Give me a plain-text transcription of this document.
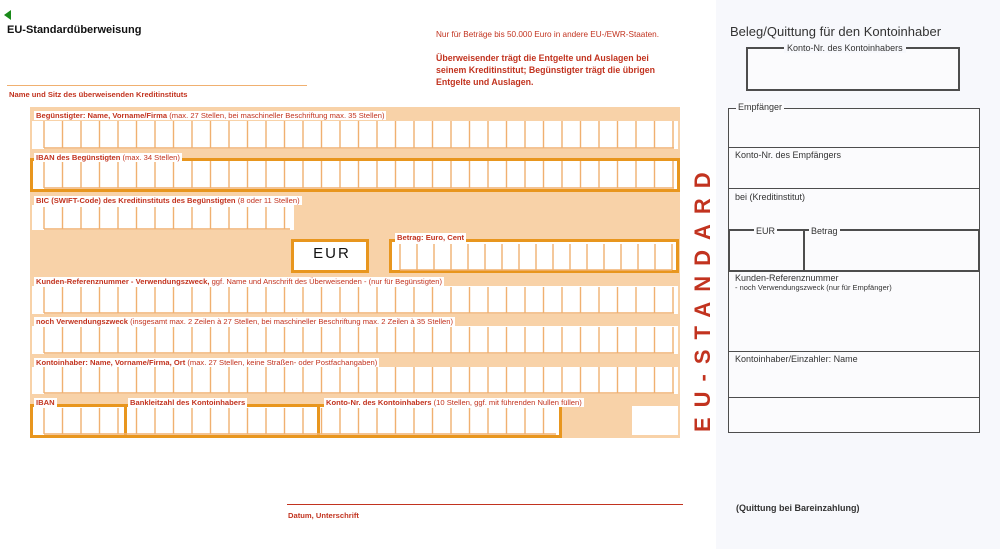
EU-Standardüberweisung	Nur für Beträge bis 50.000 Euro in andere EU-/EWR-Staaten.
Überweisender trägt die Entgelte und Auslagen bei
seinem Kreditinstitut; Begünstigter trägt die übrigen
Entgelte und Auslagen.
Name und Sitz des überweisenden Kreditinstituts
EUR
Begünstigter: Name, Vorname/Firma (max. 27 Stellen, bei maschineller Beschriftung max. 35 Stellen)
IBAN des Begünstigten (max. 34 Stellen)
BIC (SWIFT-Code) des Kreditinstituts des Begünstigten (8 oder 11 Stellen)
Betrag: Euro, Cent
Kunden-Referenznummer - Verwendungszweck, ggf. Name und Anschrift des Überweisenden - (nur für Begünstigten)
noch Verwendungszweck (insgesamt max. 2 Zeilen à 27 Stellen, bei maschineller Beschriftung max. 2 Zeilen à 35 Stellen)
Kontoinhaber: Name, Vorname/Firma, Ort (max. 27 Stellen, keine Straßen- oder Postfachangaben)
IBAN	Bankleitzahl des Kontoinhabers	Konto-Nr. des Kontoinhabers (10 Stellen, ggf. mit führenden Nullen füllen)	EU-STANDARD
Datum, Unterschrift
Beleg/Quittung für den Kontoinhaber
Konto-Nr. des Kontoinhabers
Empfänger
Konto-Nr. des Empfängers
bei (Kreditinstitut)
EUR	Betrag
Kunden-Referenznummer
- noch Verwendungszweck (nur für Empfänger)
Kontoinhaber/Einzahler: Name
(Quittung bei Bareinzahlung)
